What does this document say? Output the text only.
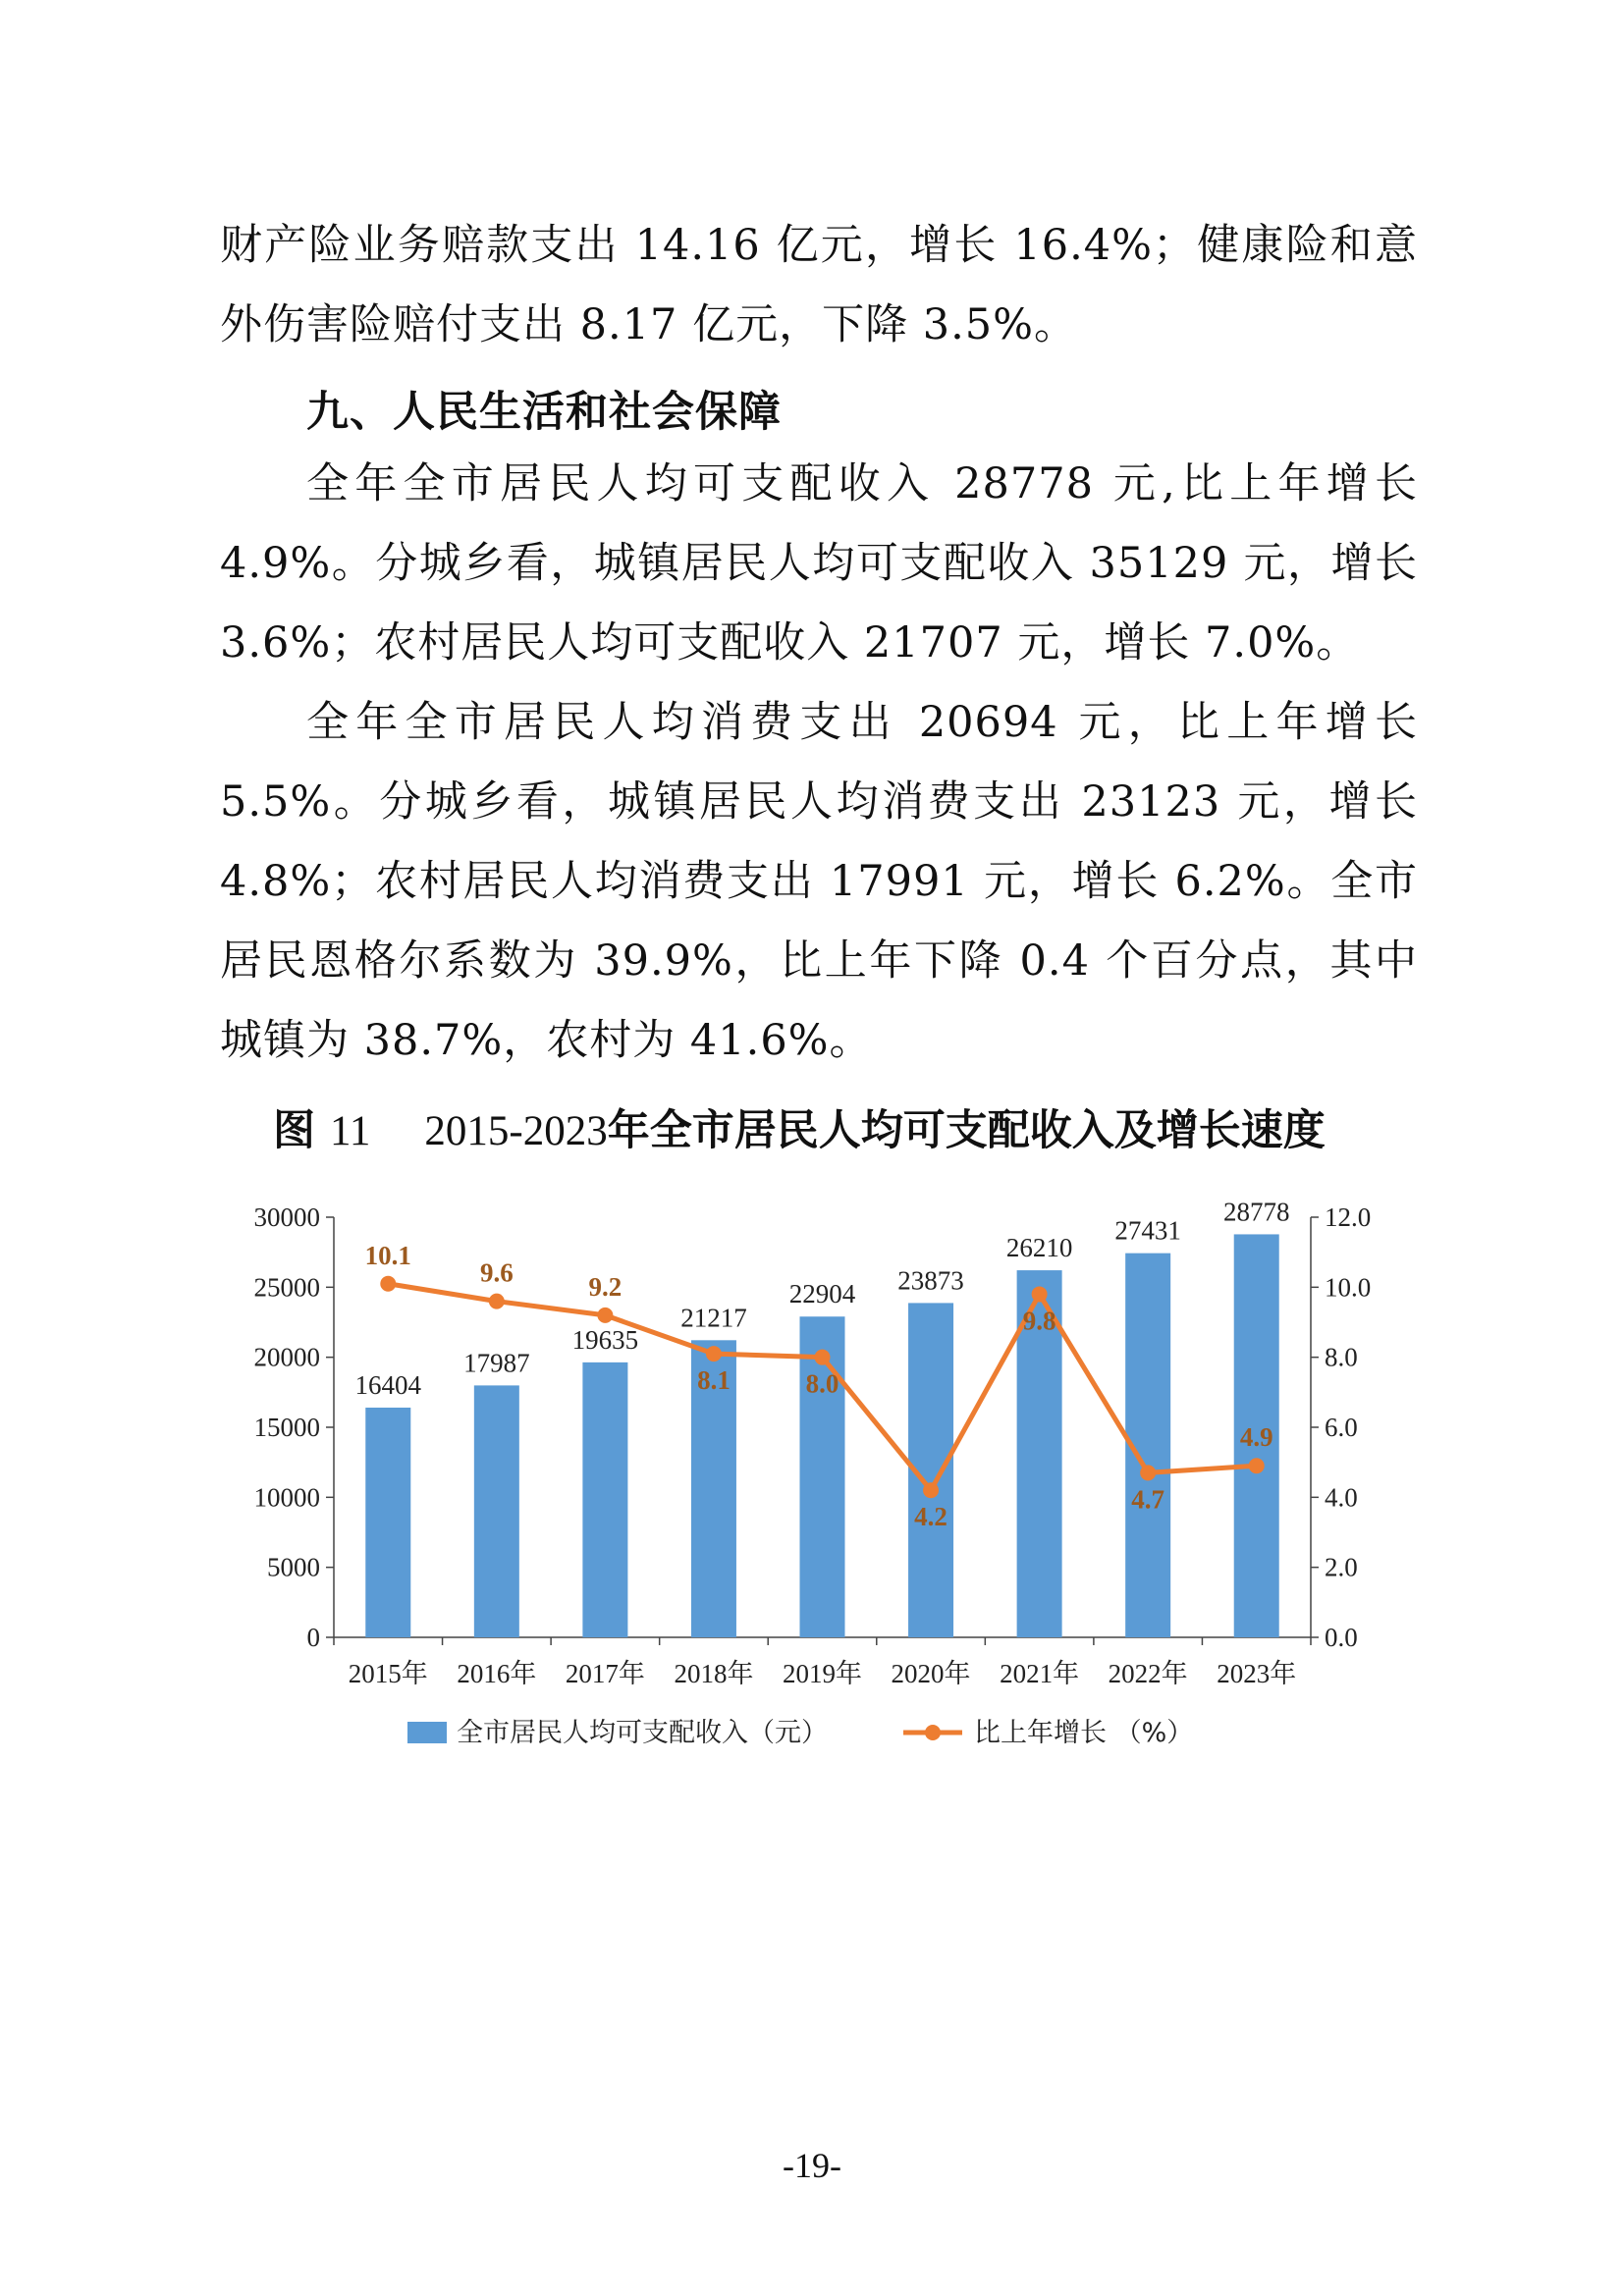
财产险业务赔款支出 14.16 亿元，增长 16.4%；健康险和意外伤害险赔付支出 8.17 亿元，下降 3.5%。

九、人民生活和社会保障

全年全市居民人均可支配收入 28778 元,比上年增长 4.9%。分城乡看，城镇居民人均可支配收入 35129 元，增长 3.6%；农村居民人均可支配收入 21707 元，增长 7.0%。

全年全市居民人均消费支出 20694 元，比上年增长 5.5%。分城乡看，城镇居民人均消费支出 23123 元，增长 4.8%；农村居民人均消费支出 17991 元，增长 6.2%。全市居民恩格尔系数为 39.9%，比上年下降 0.4 个百分点，其中城镇为 38.7%，农村为 41.6%。

图 11 2015-2023年全市居民人均可支配收入及增长速度

0
5000
10000
15000
20000
25000
30000
0.0
2.0
4.0
6.0
8.0
10.0
12.0
2015年 2016年 2017年 2018年 2019年 2020年 2021年 2022年 2023年
16404
17987
19635
21217
22904 23873
26210
27431
28778
10.1
9.6	9.2
8.1	8.0
4.2
9.8
4.7
4.9
全市居民人均可支配收入（元）	比上年增长 （%）
-19-
